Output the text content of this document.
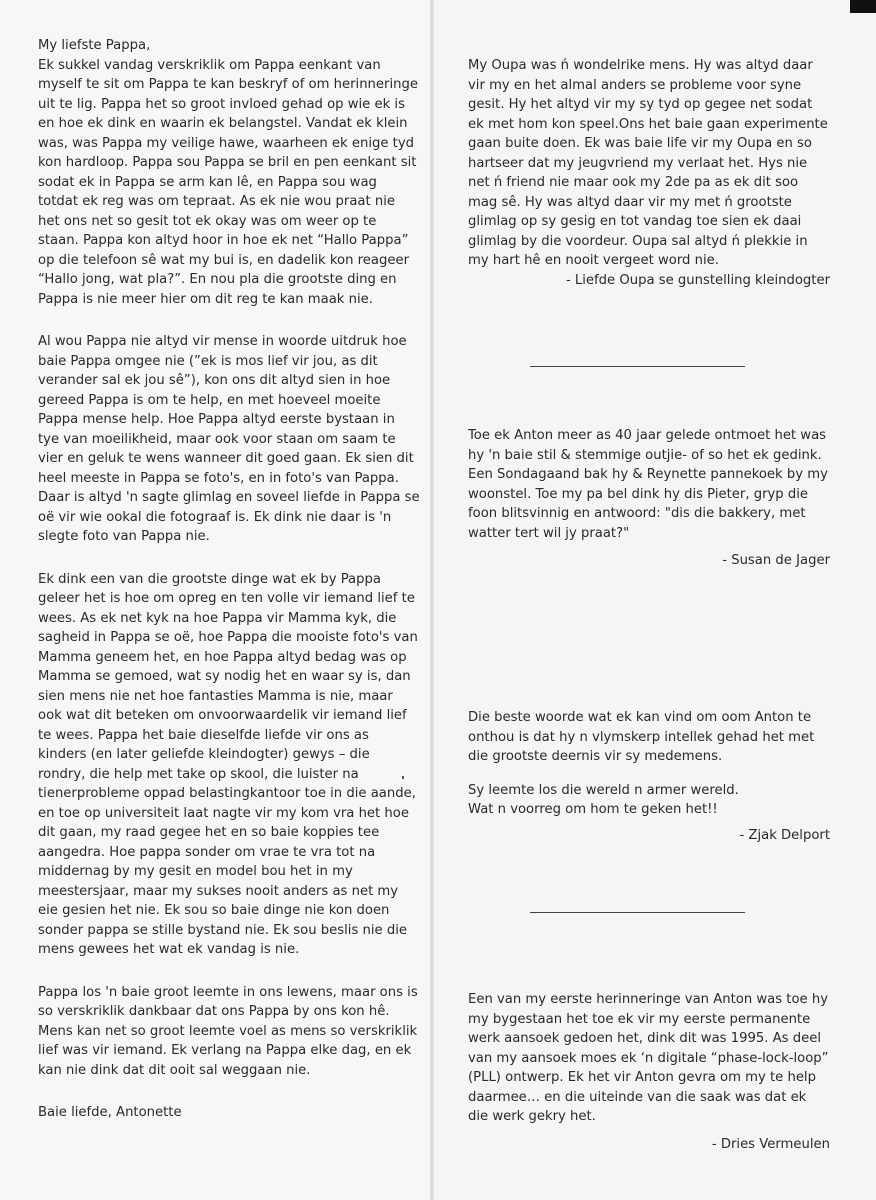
My liefste Pappa,

Ek sukkel vandag verskriklik om Pappa eenkant van myself te sit om Pappa te kan beskryf of om herinneringe uit te lig. Pappa het so groot invloed gehad op wie ek is en hoe ek dink en waarin ek belangstel. Vandat ek klein was, was Pappa my veilige hawe, waarheen ek enige tyd kon hardloop. Pappa sou Pappa se bril en pen eenkant sit sodat ek in Pappa se arm kan lê, en Pappa sou wag totdat ek reg was om tepraat. As ek nie wou praat nie het ons net so gesit tot ek okay was om weer op te staan. Pappa kon altyd hoor in hoe ek net “Hallo Pappa” op die telefoon sê wat my bui is, en dadelik kon reageer “Hallo jong, wat pla?”. En nou pla die grootste ding en Pappa is nie meer hier om dit reg te kan maak nie.

Al wou Pappa nie altyd vir mense in woorde uitdruk hoe baie Pappa omgee nie (”ek is mos lief vir jou, as dit verander sal ek jou sê”), kon ons dit altyd sien in hoe gereed Pappa is om te help, en met hoeveel moeite Pappa mense help. Hoe Pappa altyd eerste bystaan in tye van moeilikheid, maar ook voor staan om saam te vier en geluk te wens wanneer dit goed gaan. Ek sien dit heel meeste in Pappa se foto's, en in foto's van Pappa. Daar is altyd 'n sagte glimlag en soveel liefde in Pappa se oë vir wie ookal die fotograaf is. Ek dink nie daar is 'n slegte foto van Pappa nie.

Ek dink een van die grootste dinge wat ek by Pappa geleer het is hoe om opreg en ten volle vir iemand lief te wees. As ek net kyk na hoe Pappa vir Mamma kyk, die sagheid in Pappa se oë, hoe Pappa die mooiste foto's van Mamma geneem het, en hoe Pappa altyd bedag was op Mamma se gemoed, wat sy nodig het en waar sy is, dan sien mens nie net hoe fantasties Mamma is nie, maar ook wat dit beteken om onvoorwaardelik vir iemand lief te wees. Pappa het baie dieselfde liefde vir ons as kinders (en later geliefde kleindogter) gewys – die rondry, die help met take op skool, die luister na tienerprobleme oppad belastingkantoor toe in die aande, en toe op universiteit laat nagte vir my kom vra het hoe dit gaan, my raad gegee het en so baie koppies tee aangedra. Hoe pappa sonder om vrae te vra tot na middernag by my gesit en model bou het in my meestersjaar, maar my sukses nooit anders as net my eie gesien het nie. Ek sou so baie dinge nie kon doen sonder pappa se stille bystand nie. Ek sou beslis nie die mens gewees het wat ek vandag is nie.

Pappa los 'n baie groot leemte in ons lewens, maar ons is so verskriklik dankbaar dat ons Pappa by ons kon hê. Mens kan net so groot leemte voel as mens so verskriklik lief was vir iemand. Ek verlang na Pappa elke dag, en ek kan nie dink dat dit ooit sal weggaan nie.

Baie liefde, Antonette

My Oupa was ń wondelrike mens. Hy was altyd daar vir my en het almal anders se probleme voor syne gesit. Hy het altyd vir my sy tyd op gegee net sodat ek met hom kon speel.Ons het baie gaan experimente gaan buite doen. Ek was baie life vir my Oupa en so hartseer dat my jeugvriend my verlaat het. Hys nie net ń friend nie maar ook my 2de pa as ek dit soo mag sê. Hy was altyd daar vir my met ń grootste glimlag op sy gesig en tot vandag toe sien ek daai glimlag by die voordeur. Oupa sal altyd ń plekkie in my hart hê en nooit vergeet word nie.

- Liefde Oupa se gunstelling kleindogter

Toe ek Anton meer as 40 jaar gelede ontmoet het was hy 'n baie stil & stemmige outjie- of so het ek gedink. Een Sondagaand bak hy & Reynette pannekoek by my woonstel. Toe my pa bel dink hy dis Pieter, gryp die foon blitsvinnig en antwoord: "dis die bakkery, met watter tert wil jy praat?"

- Susan de Jager

Die beste woorde wat ek kan vind om oom Anton te onthou is dat hy n vlymskerp intellek gehad het met die grootste deernis vir sy medemens.

Sy leemte los die wereld n armer wereld.
Wat n voorreg om hom te geken het!!

- Zjak Delport

Een van my eerste herinneringe van Anton was toe hy my bygestaan het toe ek vir my eerste permanente werk aansoek gedoen het, dink dit was 1995. As deel van my aansoek moes ek ‘n digitale “phase-lock-loop” (PLL) ontwerp. Ek het vir Anton gevra om my te help daarmee… en die uiteinde van die saak was dat ek die werk gekry het.

- Dries Vermeulen
